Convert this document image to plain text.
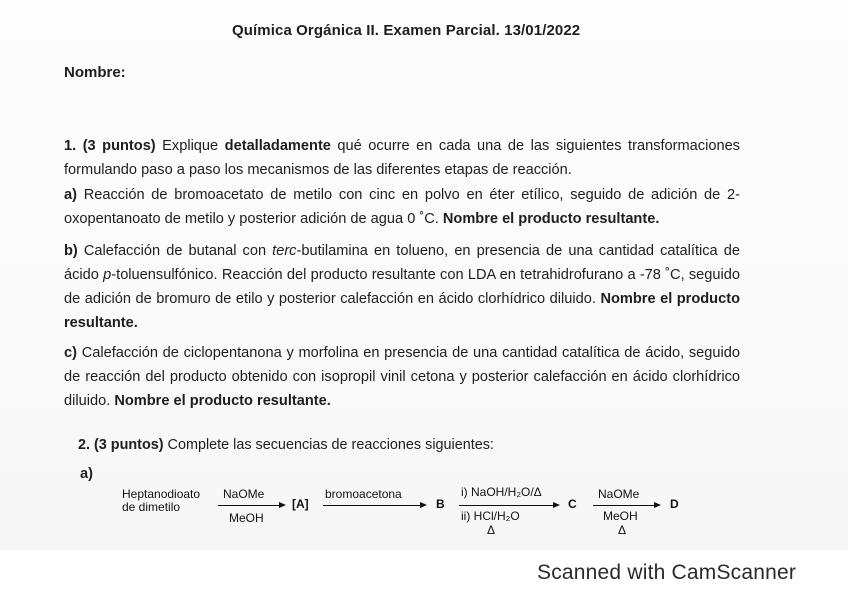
Química Orgánica II. Examen Parcial. 13/01/2022
Nombre:
1. (3 puntos) Explique detalladamente qué ocurre en cada una de las siguientes transformaciones formulando paso a paso los mecanismos de las diferentes etapas de reacción.
a) Reacción de bromoacetato de metilo con cinc en polvo en éter etílico, seguido de adición de 2-oxopentanoato de metilo y posterior adición de agua 0 ˚C. Nombre el producto resultante.
b) Calefacción de butanal con terc-butilamina en tolueno, en presencia de una cantidad catalítica de ácido p-toluensulfónico. Reacción del producto resultante con LDA en tetrahidrofurano a -78 ˚C, seguido de adición de bromuro de etilo y posterior calefacción en ácido clorhídrico diluido. Nombre el producto resultante.
c) Calefacción de ciclopentanona y morfolina en presencia de una cantidad catalítica de ácido, seguido de reacción del producto obtenido con isopropil vinil cetona y posterior calefacción en ácido clorhídrico diluido. Nombre el producto resultante.
2. (3 puntos) Complete las secuencias de reacciones siguientes:
a)
Heptanodioato
de dimetilo
NaOMe
MeOH
[A]
bromoacetona
B
i) NaOH/H₂O/Δ
ii) HCl/H₂O
Δ
C
NaOMe
MeOH
Δ
D
Scanned with CamScanner
